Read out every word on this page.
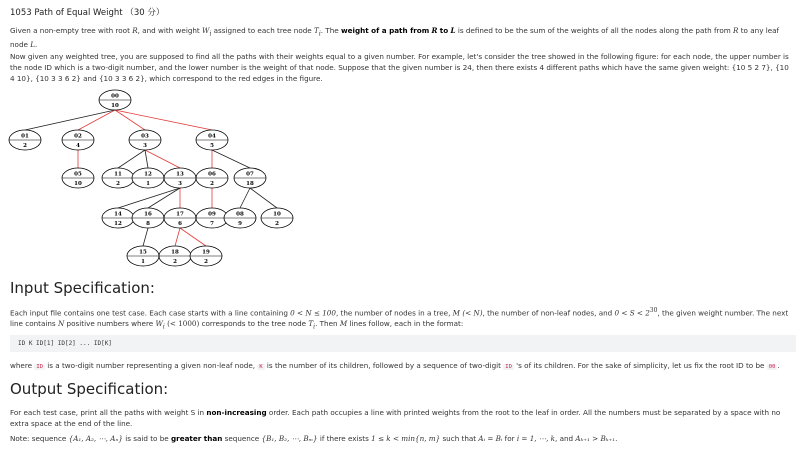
1053 Path of Equal Weight （30 分）

Given a non-empty tree with root R, and with weight $W_i$ assigned to each tree node $T_i$. The weight of a path from R to L is defined to be the sum of the weights of all the nodes along the path from R to any leaf node L.

Now given any weighted tree, you are supposed to find all the paths with their weights equal to a given number. For example, let's consider the tree showed in the following figure: for each node, the upper number is the node ID which is a two-digit number, and the lower number is the weight of that node. Suppose that the given number is 24, then there exists 4 different paths which have the same given weight: {10 5 2 7}, {10 4 10}, {10 3 3 6 2} and {10 3 3 6 2}, which correspond to the red edges in the figure.

00
10
01
2
02
4
03
3
04
5
05
10
11
2
12
1
13
3
06
2
07
18
14
12
16
8
17
6
09
7
08
9
10
2
15
1
18
2
19
2
Input Specification:

Each input file contains one test case. Each case starts with a line containing 0 < N ≤ 100, the number of nodes in a tree, M (< N), the number of non-leaf nodes, and $0 < S < 2^{30}$, the given weight number. The next line contains N positive numbers where $W_i$ (< 1000) corresponds to the tree node $T_i$. Then M lines follow, each in the format:

ID K ID[1] ID[2] ... ID[K]

where ID is a two-digit number representing a given non-leaf node, K is the number of its children, followed by a sequence of two-digit ID 's of its children. For the sake of simplicity, let us fix the root ID to be 00 .

Output Specification:

For each test case, print all the paths with weight S in non-increasing order. Each path occupies a line with printed weights from the root to the leaf in order. All the numbers must be separated by a space with no extra space at the end of the line.

Note: sequence {A₁, A₂, ⋯, Aₙ} is said to be greater than sequence {B₁, B₂, ⋯, Bₘ} if there exists 1 ≤ k < min{n, m} such that Aᵢ = Bᵢ for i = 1, ⋯, k, and Aₖ₊₁ > Bₖ₊₁.
